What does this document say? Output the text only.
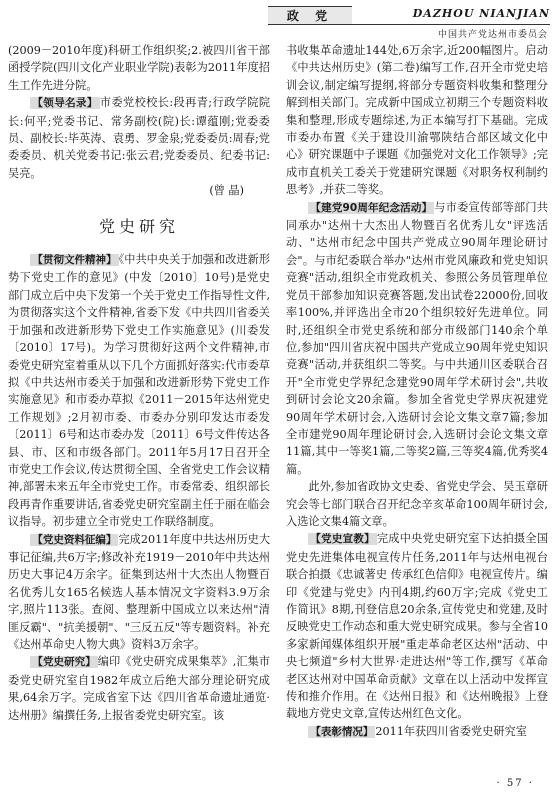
政 党	DAZHOU NIANJIAN
中国共产党达州市委员会

(2009－2010年度)科研工作组织奖;2.被四川省干部函授学院(四川文化产业职业学院)表彰为2011年度招生工作先进分院。

【 领导名录 】 市委党校校长:段再青;行政学院院长:何平;党委书记、常务副校(院)长:谭蕴刚;党委委员、副校长:毕英涛、袁勇、罗金泉;党委委员:周春;党委委员、机关党委书记:张云君;党委委员、纪委书记:吴亮。

(曾 晶)

党史研究

【 贯彻文件精神 】 《中共中央关于加强和改进新形势下党史工作的意见》(中发〔2010〕10号)是党史部门成立后中央下发第一个关于党史工作指导性文件,为贯彻落实这个文件精神,省委下发《中共四川省委关于加强和改进新形势下党史工作实施意见》(川委发〔2010〕17号)。为学习贯彻好这两个文件精神,市委党史研究室着重从以下几个方面抓好落实:代市委草拟《中共达州市委关于加强和改进新形势下党史工作实施意见》和市委办草拟《2011－2015年达州党史工作规划》;2月初市委、市委办分别印发达市委发〔2011〕6号和达市委办发〔2011〕6号文件传达各县、市、区和市级各部门。2011年5月17日召开全市党史工作会议,传达贯彻全国、全省党史工作会议精神,部署未来五年全市党史工作。市委常委、组织部长段再青作重要讲话,省委党史研究室副主任于丽在临会议指导。初步建立全市党史工作联络制度。

【 党史资料征编 】 完成2011年度中共达州历史大事记征编,共6万字;修改补充1919－2010年中共达州历史大事记4万余字。征集到达州十大杰出人物暨百名优秀儿女165名候选人基本情况文字资料3.9万余字,照片113张。查阅、整理新中国成立以来达州"清匪反霸"、"抗美援朝"、"三反五反"等专题资料。补充《达州革命史人物大典》资料3万余字。

【 党史研究 】 编印《党史研究成果集萃》,汇集市委党史研究室自1982年成立后绝大部分理论研究成果,64余万字。完成省室下达《四川省革命遗址通览·达州册》编撰任务,上报省委党史研究室。该

书收集革命遗址144处,6万余字,近200幅图片。启动《中共达州历史》(第二卷)编写工作,召开全市党史培训会议,制定编写提纲,将部分专题资料收集和整理分解到相关部门。完成新中国成立初期三个专题资料收集和整理,形成专题综述,为正本编写打下基础。完成市委办布置《关于建设川渝鄂陕结合部区域文化中心》研究课题中子课题《加强党对文化工作领导》;完成市直机关工委关于党建研究课题《对职务权利制约思考》,并获二等奖。

【 建党90周年纪念活动 】 与市委宣传部等部门共同承办"达州十大杰出人物暨百名优秀儿女"评选活动、"达州市纪念中国共产党成立90周年理论研讨会"。与市纪委联合举办"达州市党风廉政和党史知识竞赛"活动,组织全市党政机关、参照公务员管理单位党员干部参加知识竞赛答题,发出试卷22000份,回收率100%,并评选出全市20个组织较好先进单位。同时,还组织全市党史系统和部分市级部门140余个单位,参加"四川省庆祝中国共产党成立90周年党史知识竞赛"活动,并获组织二等奖。与中共通川区委联合召开"全市党史学界纪念建党90周年学术研讨会",共收到研讨会论文20余篇。参加全省党史学界庆祝建党90周年学术研讨会,入选研讨会论文集文章7篇;参加全市建党90周年理论研讨会,入选研讨会论文集文章11篇,其中一等奖1篇,二等奖2篇,三等奖4篇,优秀奖4篇。

此外,参加省政协文史委、省党史学会、吴玉章研究会等七部门联合召开纪念辛亥革命100周年研讨会,入选论文集4篇文章。

【 党史宣教 】 完成中央党史研究室下达拍摄全国党史先进集体电视宣传片任务,2011年与达州电视台联合拍摄《忠诚著史 传承红色信仰》电视宣传片。编印《党建与党史》内刊4期,约60万字;完成《党史工作简讯》8期,刊登信息20余条,宣传党史和党建,及时反映党史工作动态和重大党史研究成果。参与全省10多家新闻媒体组织开展"重走革命老区达州"活动、中央七频道"乡村大世界·走进达州"等工作,撰写《革命老区达州对中国革命贡献》文章在以上活动中发挥宣传和推介作用。在《达州日报》和《达州晚报》上登载地方党史文章,宣传达州红色文化。

【 表彰情况 】 2011年获四川省委党史研究室

· 57 ·
